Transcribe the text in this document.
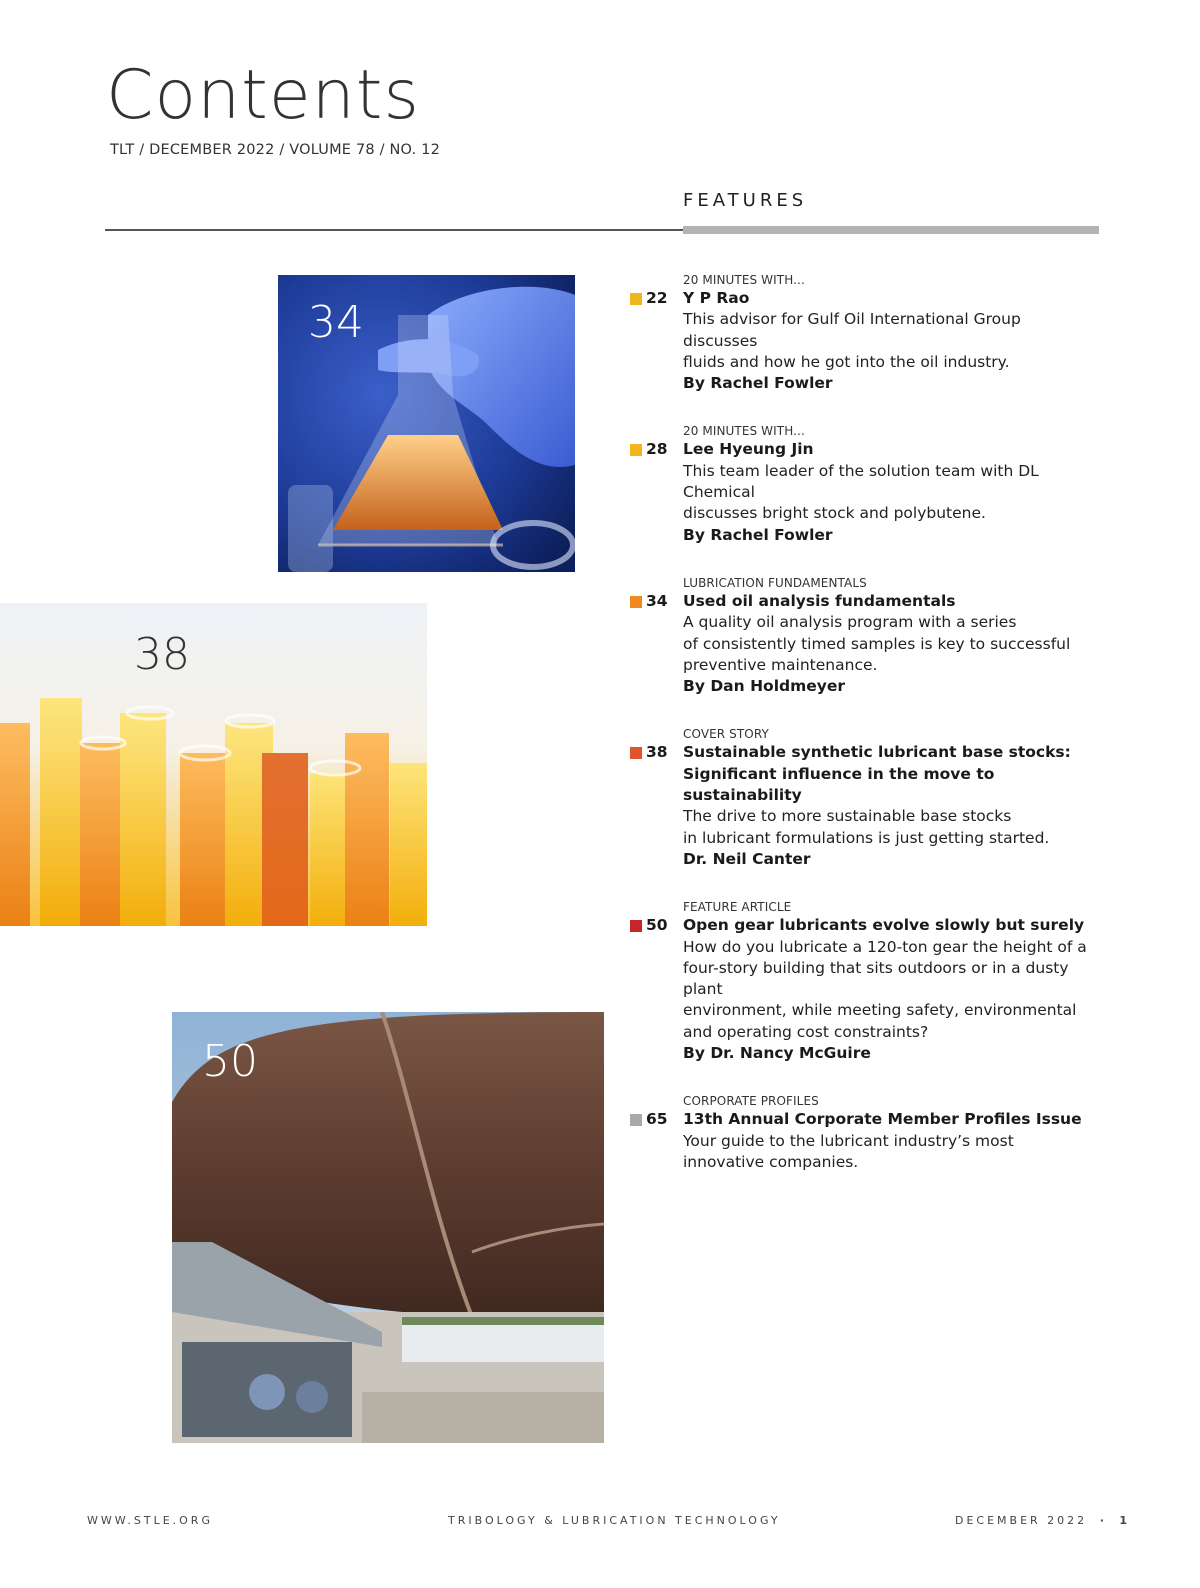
Contents
TLT / DECEMBER 2022 / VOLUME 78 / NO. 12
FEATURES
34
38
50
20 MINUTES WITH...
22 Y P Rao
This advisor for Gulf Oil International Group discusses
fluids and how he got into the oil industry.
By Rachel Fowler
20 MINUTES WITH...
28 Lee Hyeung Jin
This team leader of the solution team with DL Chemical
discusses bright stock and polybutene.
By Rachel Fowler
LUBRICATION FUNDAMENTALS
34 Used oil analysis fundamentals
A quality oil analysis program with a series
of consistently timed samples is key to successful
preventive maintenance.
By Dan Holdmeyer
COVER STORY
38 Sustainable synthetic lubricant base stocks:
Significant influence in the move to sustainability
The drive to more sustainable base stocks
in lubricant formulations is just getting started.
Dr. Neil Canter
FEATURE ARTICLE
50 Open gear lubricants evolve slowly but surely
How do you lubricate a 120-ton gear the height of a
four-story building that sits outdoors or in a dusty plant
environment, while meeting safety, environmental
and operating cost constraints?
By Dr. Nancy McGuire
CORPORATE PROFILES
65 13th Annual Corporate Member Profiles Issue
Your guide to the lubricant industry’s most
innovative companies.
WWW.STLE.ORG	TRIBOLOGY & LUBRICATION TECHNOLOGY	DECEMBER 2022 · 1
